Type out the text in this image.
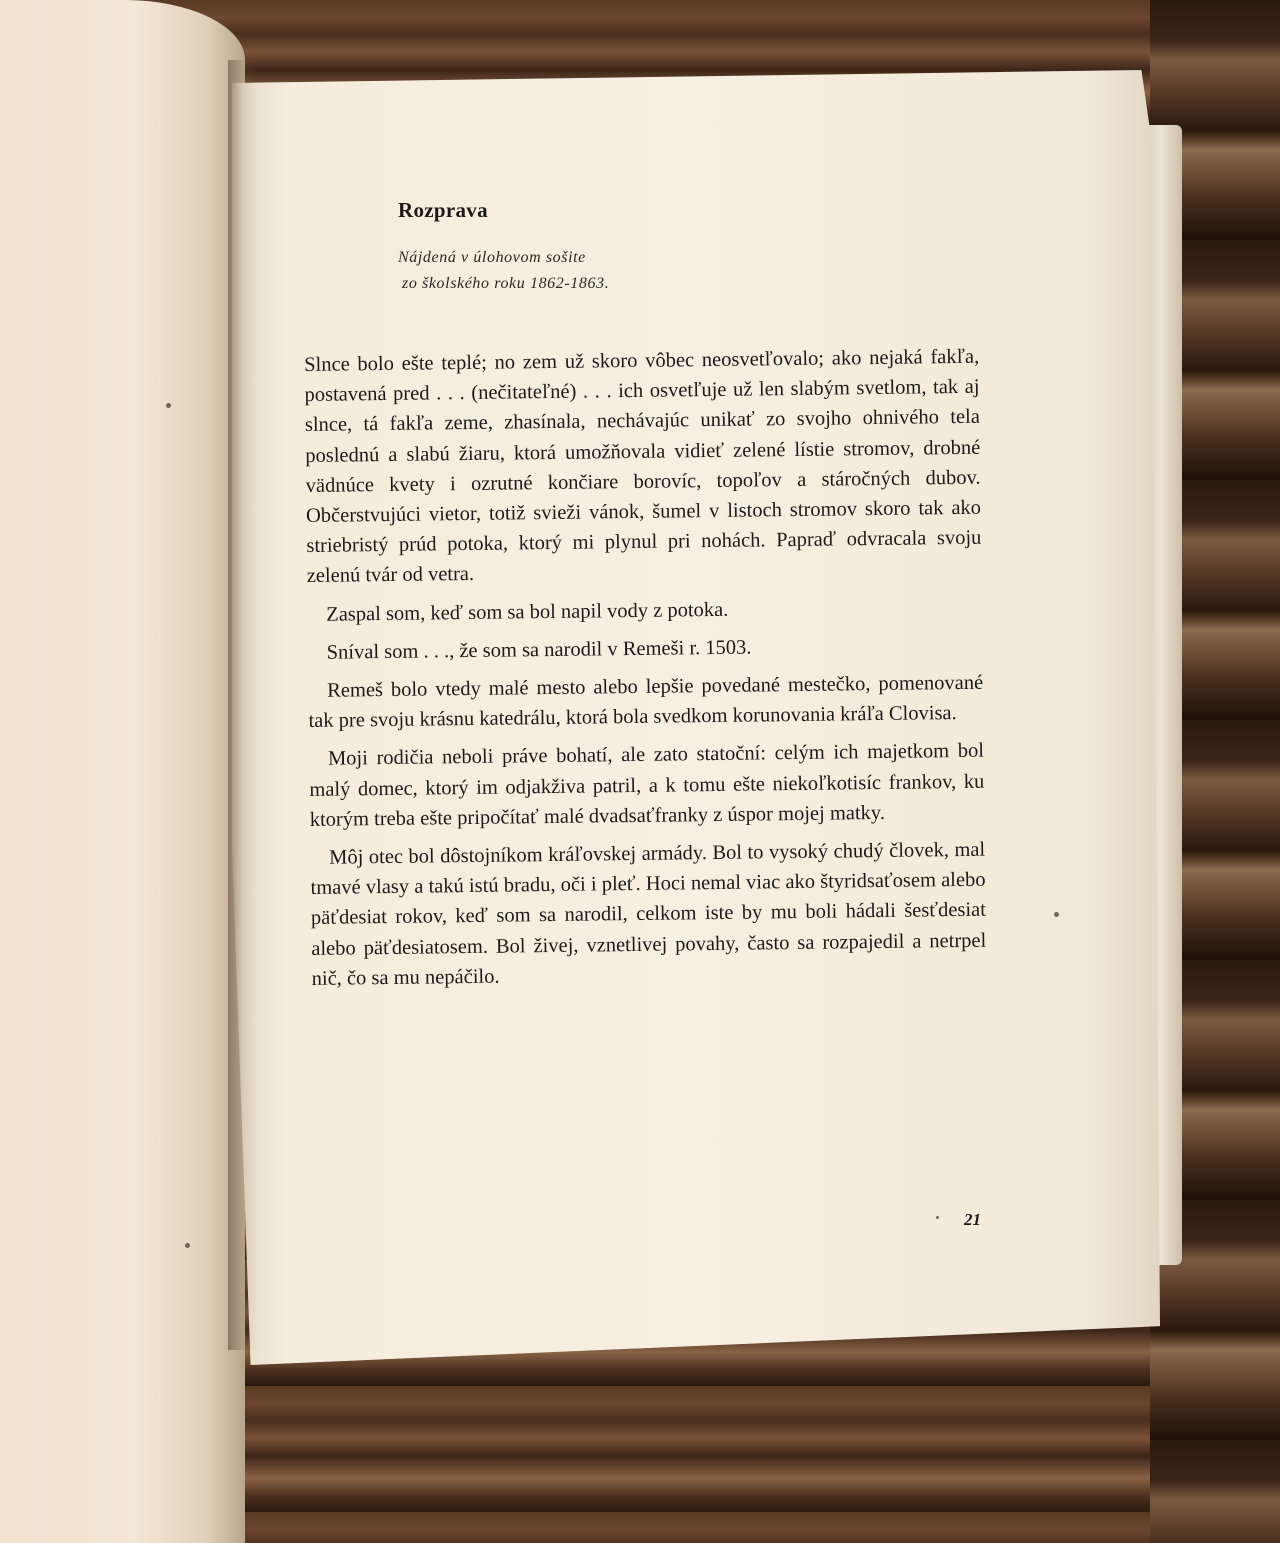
Rozprava
Nájdená v úlohovom sošite
zo školského roku 1862-1863.

Slnce bolo ešte teplé; no zem už skoro vôbec neosvetľovalo; ako nejaká fakľa, postavená pred . . . (nečitateľné) . . . ich osvetľuje už len slabým svetlom, tak aj slnce, tá fakľa zeme, zhasínala, nechávajúc unikať zo svojho ohnivého tela poslednú a slabú žiaru, ktorá umožňovala vidieť zelené lístie stromov, drobné vädnúce kvety i ozrutné končiare borovíc, topoľov a stáročných dubov. Občerstvujúci vietor, totiž svieži vánok, šumel v listoch stromov skoro tak ako striebristý prúd potoka, ktorý mi plynul pri nohách. Papraď odvracala svoju zelenú tvár od vetra.

Zaspal som, keď som sa bol napil vody z potoka.

Sníval som . . ., že som sa narodil v Remeši r. 1503.

Remeš bolo vtedy malé mesto alebo lepšie povedané mestečko, pomenované tak pre svoju krásnu katedrálu, ktorá bola svedkom korunovania kráľa Clovisa.

Moji rodičia neboli práve bohatí, ale zato statoční: celým ich majetkom bol malý domec, ktorý im odjakživa patril, a k tomu ešte niekoľkotisíc frankov, ku ktorým treba ešte pripočítať malé dvadsaťfranky z úspor mojej matky.

Môj otec bol dôstojníkom kráľovskej armády. Bol to vysoký chudý človek, mal tmavé vlasy a takú istú bradu, oči i pleť. Hoci nemal viac ako štyridsaťosem alebo päťdesiat rokov, keď som sa narodil, celkom iste by mu boli hádali šesťdesiat alebo päťdesiatosem. Bol živej, vznetlivej povahy, často sa rozpajedil a netrpel nič, čo sa mu nepáčilo.

21
